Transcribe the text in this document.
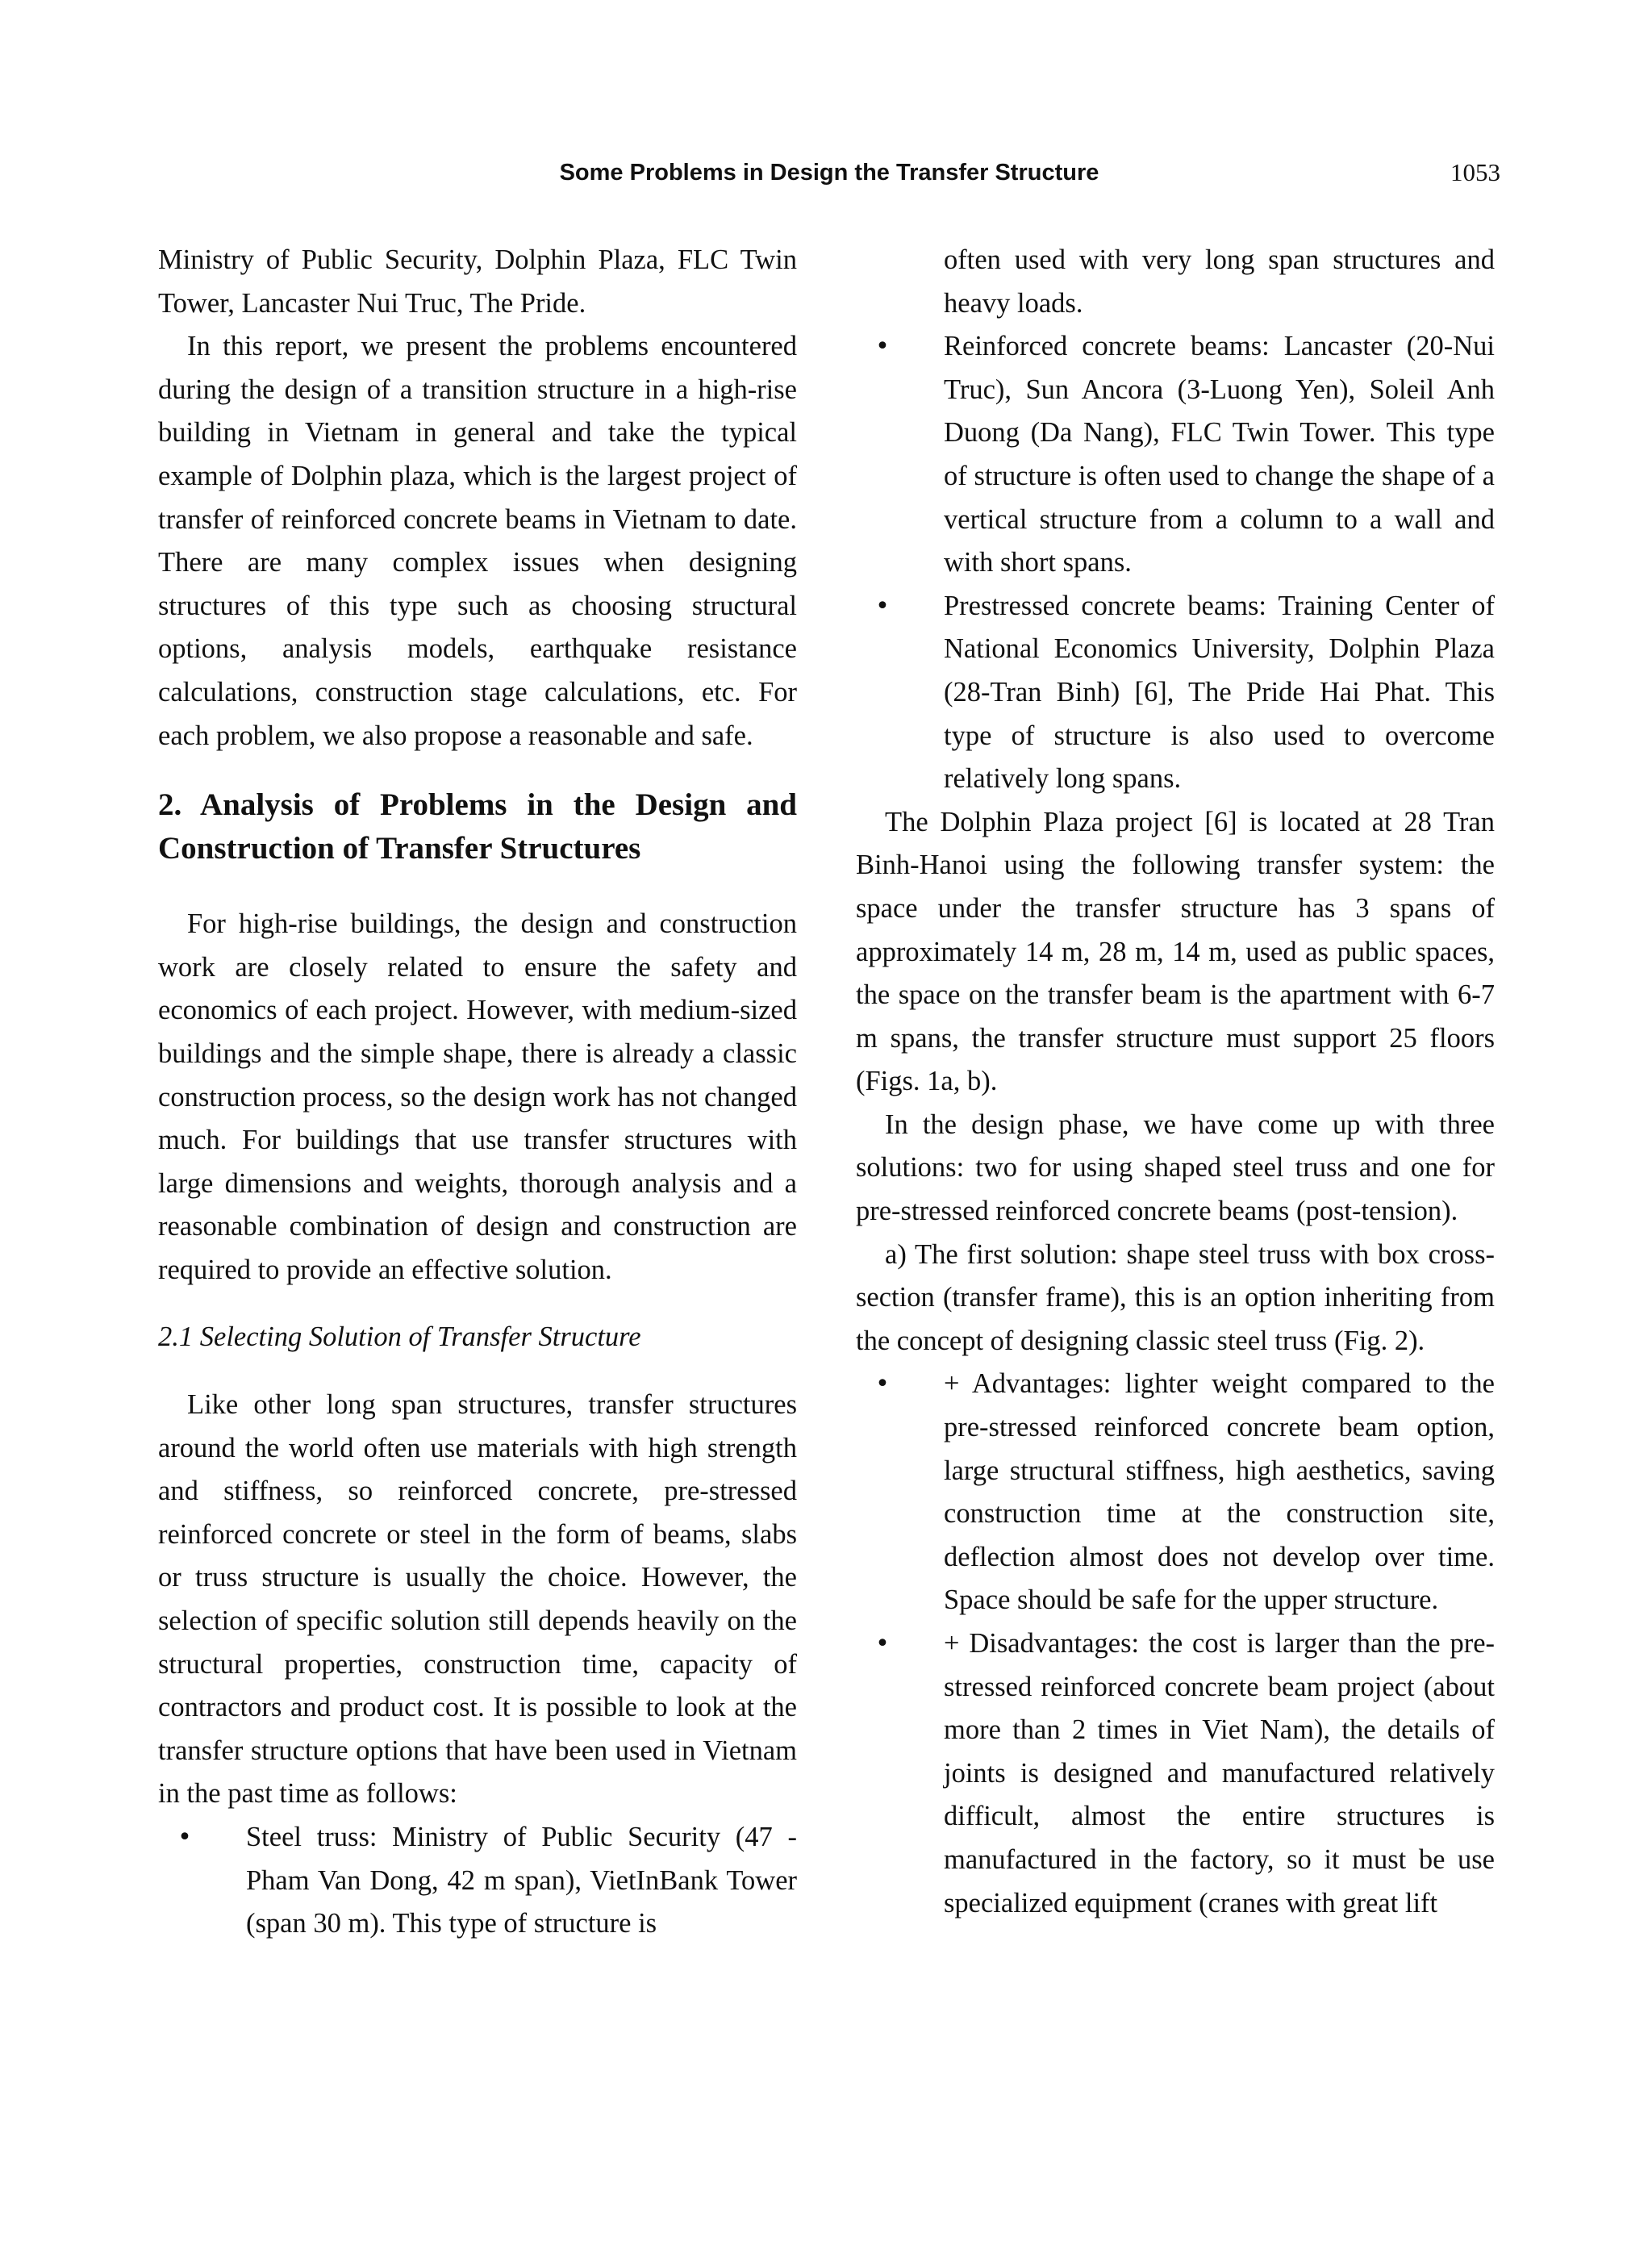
Some Problems in Design the Transfer Structure	1053

Ministry of Public Security, Dolphin Plaza, FLC Twin Tower, Lancaster Nui Truc, The Pride.

In this report, we present the problems encountered during the design of a transition structure in a high-rise building in Vietnam in general and take the typical example of Dolphin plaza, which is the largest project of transfer of reinforced concrete beams in Vietnam to date. There are many complex issues when designing structures of this type such as choosing structural options, analysis models, earthquake resistance calculations, construction stage calculations, etc. For each problem, we also propose a reasonable and safe.

2. Analysis of Problems in the Design and Construction of Transfer Structures

For high-rise buildings, the design and construction work are closely related to ensure the safety and economics of each project. However, with medium-sized buildings and the simple shape, there is already a classic construction process, so the design work has not changed much. For buildings that use transfer structures with large dimensions and weights, thorough analysis and a reasonable combination of design and construction are required to provide an effective solution.

2.1 Selecting Solution of Transfer Structure

Like other long span structures, transfer structures around the world often use materials with high strength and stiffness, so reinforced concrete, pre-stressed reinforced concrete or steel in the form of beams, slabs or truss structure is usually the choice. However, the selection of specific solution still depends heavily on the structural properties, construction time, capacity of contractors and product cost. It is possible to look at the transfer structure options that have been used in Vietnam in the past time as follows:

• Steel truss: Ministry of Public Security (47 - Pham Van Dong, 42 m span), VietInBank Tower (span 30 m). This type of structure is
often used with very long span structures and heavy loads.
• Reinforced concrete beams: Lancaster (20-Nui Truc), Sun Ancora (3-Luong Yen), Soleil Anh Duong (Da Nang), FLC Twin Tower. This type of structure is often used to change the shape of a vertical structure from a column to a wall and with short spans.
• Prestressed concrete beams: Training Center of National Economics University, Dolphin Plaza (28-Tran Binh) [6], The Pride Hai Phat. This type of structure is also used to overcome relatively long spans.

The Dolphin Plaza project [6] is located at 28 Tran Binh-Hanoi using the following transfer system: the space under the transfer structure has 3 spans of approximately 14 m, 28 m, 14 m, used as public spaces, the space on the transfer beam is the apartment with 6-7 m spans, the transfer structure must support 25 floors (Figs. 1a, b).

In the design phase, we have come up with three solutions: two for using shaped steel truss and one for pre-stressed reinforced concrete beams (post-tension).

a) The first solution: shape steel truss with box cross-section (transfer frame), this is an option inheriting from the concept of designing classic steel truss (Fig. 2).

• + Advantages: lighter weight compared to the pre-stressed reinforced concrete beam option, large structural stiffness, high aesthetics, saving construction time at the construction site, deflection almost does not develop over time. Space should be safe for the upper structure.
• + Disadvantages: the cost is larger than the pre-stressed reinforced concrete beam project (about more than 2 times in Viet Nam), the details of joints is designed and manufactured relatively difficult, almost the entire structures is manufactured in the factory, so it must be use specialized equipment (cranes with great lift
